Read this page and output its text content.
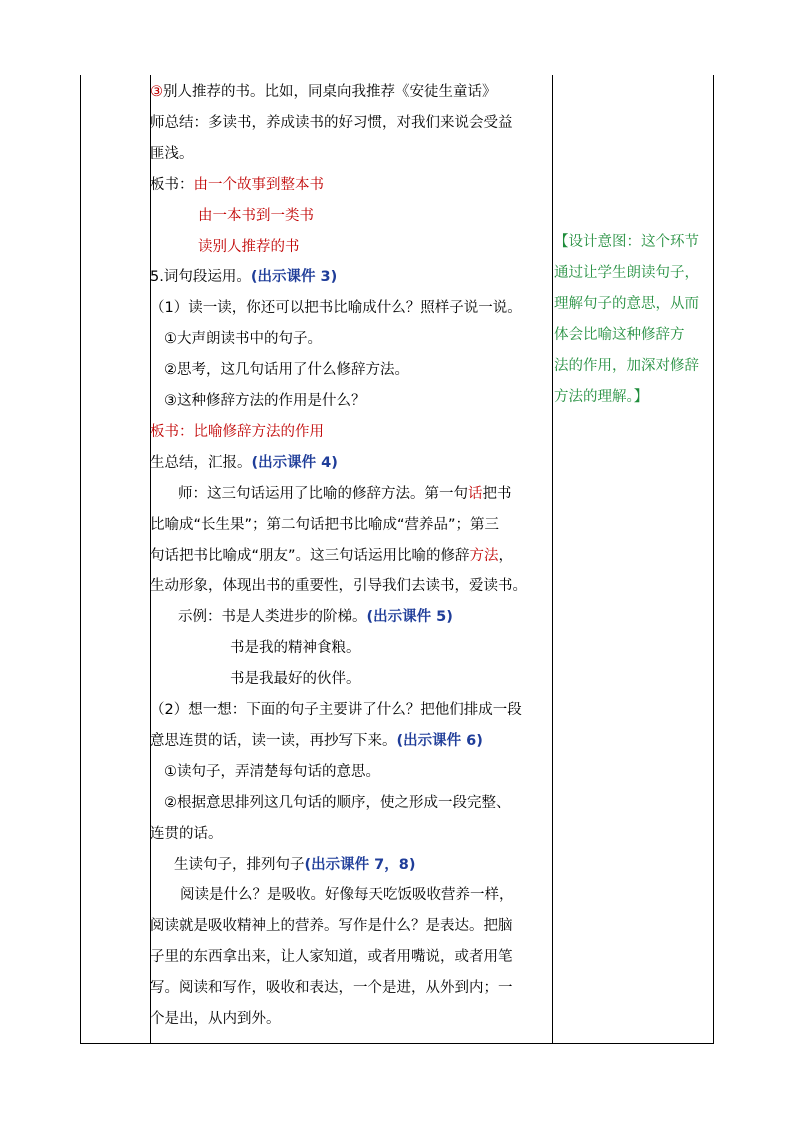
③别人推荐的书。比如，同桌向我推荐《安徒生童话》
师总结：多读书，养成读书的好习惯，对我们来说会受益
匪浅。
板书：由一个故事到整本书
由一本书到一类书
读别人推荐的书
5.词句段运用。(出示课件 3)
（1）读一读，你还可以把书比喻成什么？照样子说一说。
①大声朗读书中的句子。
②思考，这几句话用了什么修辞方法。
③这种修辞方法的作用是什么？
板书：比喻修辞方法的作用
生总结，汇报。(出示课件 4)
师：这三句话运用了比喻的修辞方法。第一句话把书
比喻成“长生果”；第二句话把书比喻成“营养品”；第三
句话把书比喻成“朋友”。这三句话运用比喻的修辞方法，
生动形象，体现出书的重要性，引导我们去读书，爱读书。
示例：书是人类进步的阶梯。(出示课件 5)
书是我的精神食粮。
书是我最好的伙伴。
（2）想一想：下面的句子主要讲了什么？把他们排成一段
意思连贯的话，读一读，再抄写下来。(出示课件 6)
①读句子，弄清楚每句话的意思。
②根据意思排列这几句话的顺序，使之形成一段完整、
连贯的话。
生读句子，排列句子(出示课件 7，8)
阅读是什么？是吸收。好像每天吃饭吸收营养一样，
阅读就是吸收精神上的营养。写作是什么？是表达。把脑
子里的东西拿出来，让人家知道，或者用嘴说，或者用笔
写。阅读和写作，吸收和表达，一个是进，从外到内；一
个是出，从内到外。
【设计意图：这个环节
通过让学生朗读句子，
理解句子的意思，从而
体会比喻这种修辞方
法的作用，加深对修辞
方法的理解。】
